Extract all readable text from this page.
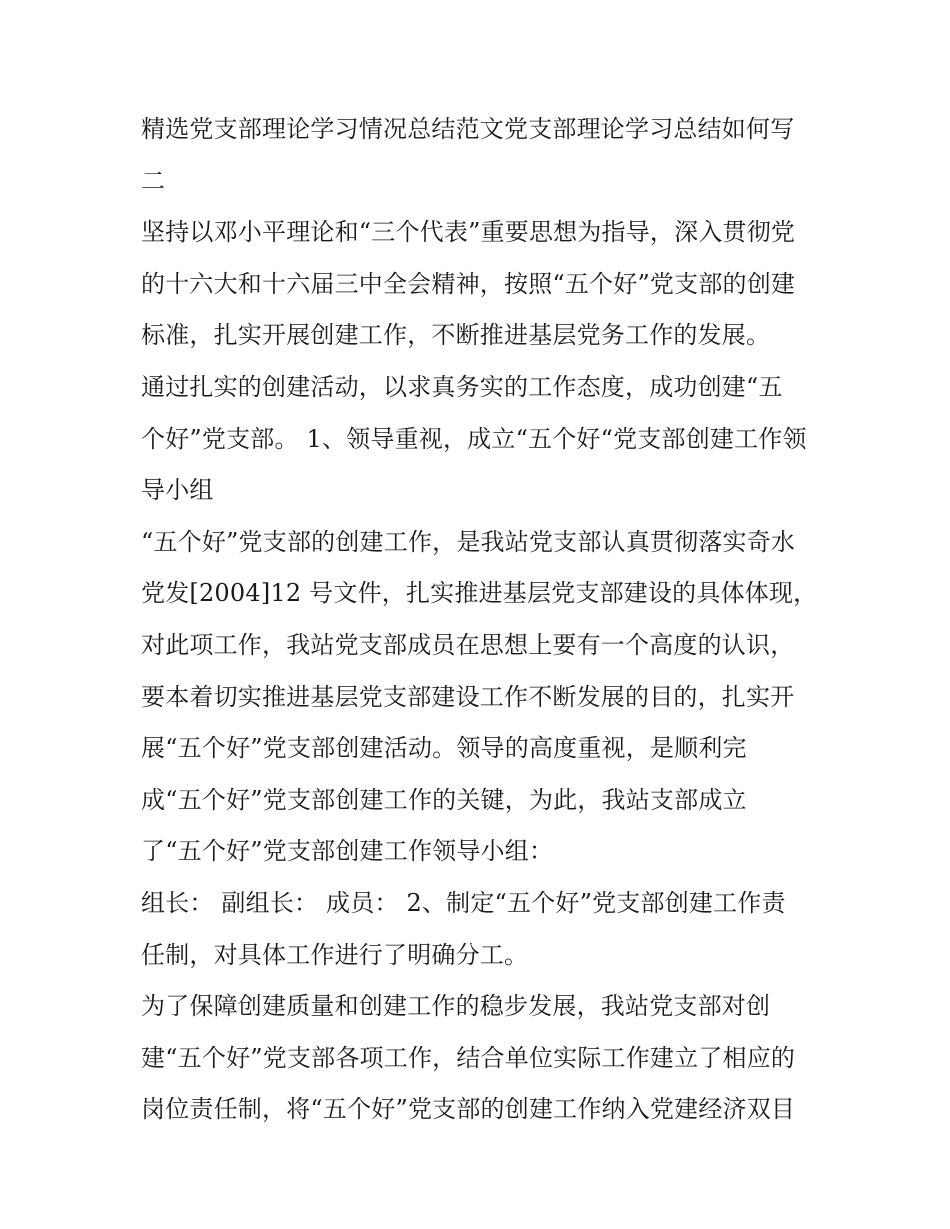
精选党支部理论学习情况总结范文党支部理论学习总结如何写
二
坚持以邓小平理论和“三个代表”重要思想为指导，深入贯彻党
的十六大和十六届三中全会精神，按照“五个好”党支部的创建
标准，扎实开展创建工作，不断推进基层党务工作的发展。
通过扎实的创建活动，以求真务实的工作态度，成功创建“五
个好”党支部。 1、领导重视，成立“五个好“党支部创建工作领
导小组
“五个好”党支部的创建工作，是我站党支部认真贯彻落实奇水
党发[2004]12 号文件，扎实推进基层党支部建设的具体体现，
对此项工作，我站党支部成员在思想上要有一个高度的认识，
要本着切实推进基层党支部建设工作不断发展的目的，扎实开
展“五个好”党支部创建活动。领导的高度重视，是顺利完
成“五个好”党支部创建工作的关键，为此，我站支部成立
了“五个好”党支部创建工作领导小组：
组长： 副组长： 成员： 2、制定“五个好”党支部创建工作责
任制，对具体工作进行了明确分工。
为了保障创建质量和创建工作的稳步发展，我站党支部对创
建“五个好”党支部各项工作，结合单位实际工作建立了相应的
岗位责任制，将“五个好”党支部的创建工作纳入党建经济双目
